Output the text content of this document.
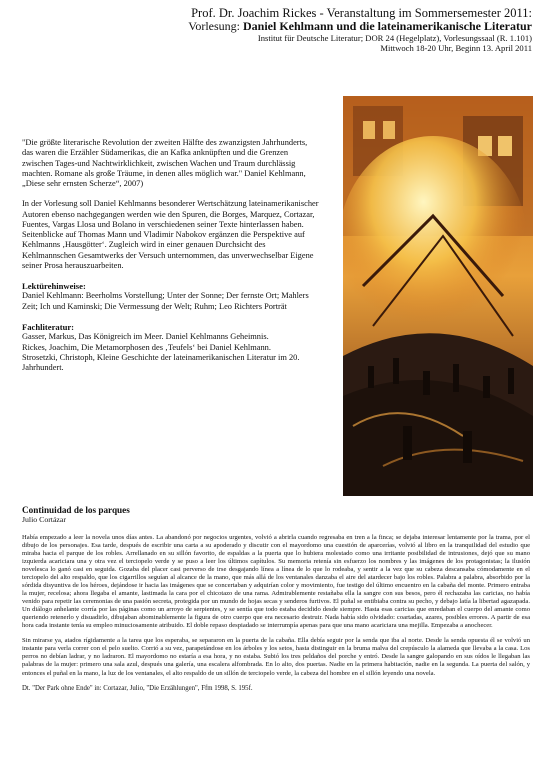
Prof. Dr. Joachim Rickes - Veranstaltung im Sommersemester 2011:
Vorlesung: Daniel Kehlmann und die lateinamerikanische Literatur
Institut für Deutsche Literatur; DOR 24 (Hegelplatz), Vorlesungssaal (R. 1.101)
Mittwoch 18-20 Uhr, Beginn 13. April 2011

"Die größte literarische Revolution der zweiten Hälfte des zwanzigsten Jahrhunderts, das waren die Erzähler Südamerikas, die an Kafka anknüpften und die Grenzen zwischen Tages-und Nachtwirklichkeit, zwischen Wachen und Traum durchlässig machten. Romane als große Träume, in denen alles möglich war." Daniel Kehlmann, „Diese sehr ernsten Scherze“, 2007)

In der Vorlesung soll Daniel Kehlmanns besonderer Wertschätzung lateinamerikanischer Autoren ebenso nachgegangen werden wie den Spuren, die Borges, Marquez, Cortazar, Fuentes, Vargas Llosa und Bolano in verschiedenen seiner Texte hinterlassen haben. Seitenblicke auf Thomas Mann und Vladimir Nabokov ergänzen die Perspektive auf Kehlmanns ‚Hausgötter‘. Zugleich wird in einer genauen Durchsicht des Kehlmannschen Gesamtwerks der Versuch unternommen, das unverwechselbar Eigene seiner Prosa herauszuarbeiten.

Lektürehinweise:

Daniel Kehlmann: Beerholms Vorstellung; Unter der Sonne; Der fernste Ort; Mahlers Zeit; Ich und Kaminski; Die Vermessung der Welt; Ruhm; Leo Richters Porträt

Fachliteratur:
Gasser, Markus, Das Königreich im Meer. Daniel Kehlmanns Geheimnis.
Rickes, Joachim, Die Metamorphosen des ‚Teufels‘ bei Daniel Kehlmann.
Strosetzki, Christoph, Kleine Geschichte der lateinamerikanischen Literatur im 20. Jahrhundert.
Continuidad de los parques
Julio Cortázar

Había empezado a leer la novela unos días antes. La abandonó por negocios urgentes, volvió a abrirla cuando regresaba en tren a la finca; se dejaba interesar lentamente por la trama, por el dibujo de los personajes. Esa tarde, después de escribir una carta a su apoderado y discutir con el mayordomo una cuestión de aparcerías, volvió al libro en la tranquilidad del estudio que miraba hacia el parque de los robles. Arrellanado en su sillón favorito, de espaldas a la puerta que lo hubiera molestado como una irritante posibilidad de intrusiones, dejó que su mano izquierda acariciara una y otra vez el terciopelo verde y se puso a leer los últimos capítulos. Su memoria retenía sin esfuerzo los nombres y las imágenes de los protagonistas; la ilusión novelesca lo ganó casi en seguida. Gozaba del placer casi perverso de irse desgajando línea a línea de lo que lo rodeaba, y sentir a la vez que su cabeza descansaba cómodamente en el terciopelo del alto respaldo, que los cigarrillos seguían al alcance de la mano, que más allá de los ventanales danzaba el aire del atardecer bajo los robles. Palabra a palabra, absorbido por la sórdida disyuntiva de los héroes, dejándose ir hacia las imágenes que se concertaban y adquirían color y movimiento, fue testigo del último encuentro en la cabaña del monte. Primero entraba la mujer, recelosa; ahora llegaba el amante, lastimada la cara por el chicotazo de una rama. Admirablemente restañaba ella la sangre con sus besos, pero él rechazaba las caricias, no había venido para repetir las ceremonias de una pasión secreta, protegida por un mundo de hojas secas y senderos furtivos. El puñal se entibiaba contra su pecho, y debajo latía la libertad agazapada. Un diálogo anhelante corría por las páginas como un arroyo de serpientes, y se sentía que todo estaba decidido desde siempre. Hasta esas caricias que enredaban el cuerpo del amante como queriendo retenerlo y disuadirlo, dibujaban abominablemente la figura de otro cuerpo que era necesario destruir. Nada había sido olvidado: coartadas, azares, posibles errores. A partir de esa hora cada instante tenía su empleo minuciosamente atribuido. El doble repaso despiadado se interrumpía apenas para que una mano acariciara una mejilla. Empezaba a anochecer.

Sin mirarse ya, atados rígidamente a la tarea que los esperaba, se separaron en la puerta de la cabaña. Ella debía seguir por la senda que iba al norte. Desde la senda opuesta él se volvió un instante para verla correr con el pelo suelto. Corrió a su vez, parapetándose en los árboles y los setos, hasta distinguir en la bruma malva del crepúsculo la alameda que llevaba a la casa. Los perros no debían ladrar, y no ladraron. El mayordomo no estaría a esa hora, y no estaba. Subió los tres peldaños del porche y entró. Desde la sangre galopando en sus oídos le llegaban las palabras de la mujer: primero una sala azul, después una galería, una escalera alfombrada. En lo alto, dos puertas. Nadie en la primera habitación, nadie en la segunda. La puerta del salón, y entonces el puñal en la mano, la luz de los ventanales, el alto respaldo de un sillón de terciopelo verde, la cabeza del hombre en el sillón leyendo una novela.

Dt. "Der Park ohne Ende" in: Cortazar, Julio, "Die Erzählungen", Ffm 1998, S. 195f.
